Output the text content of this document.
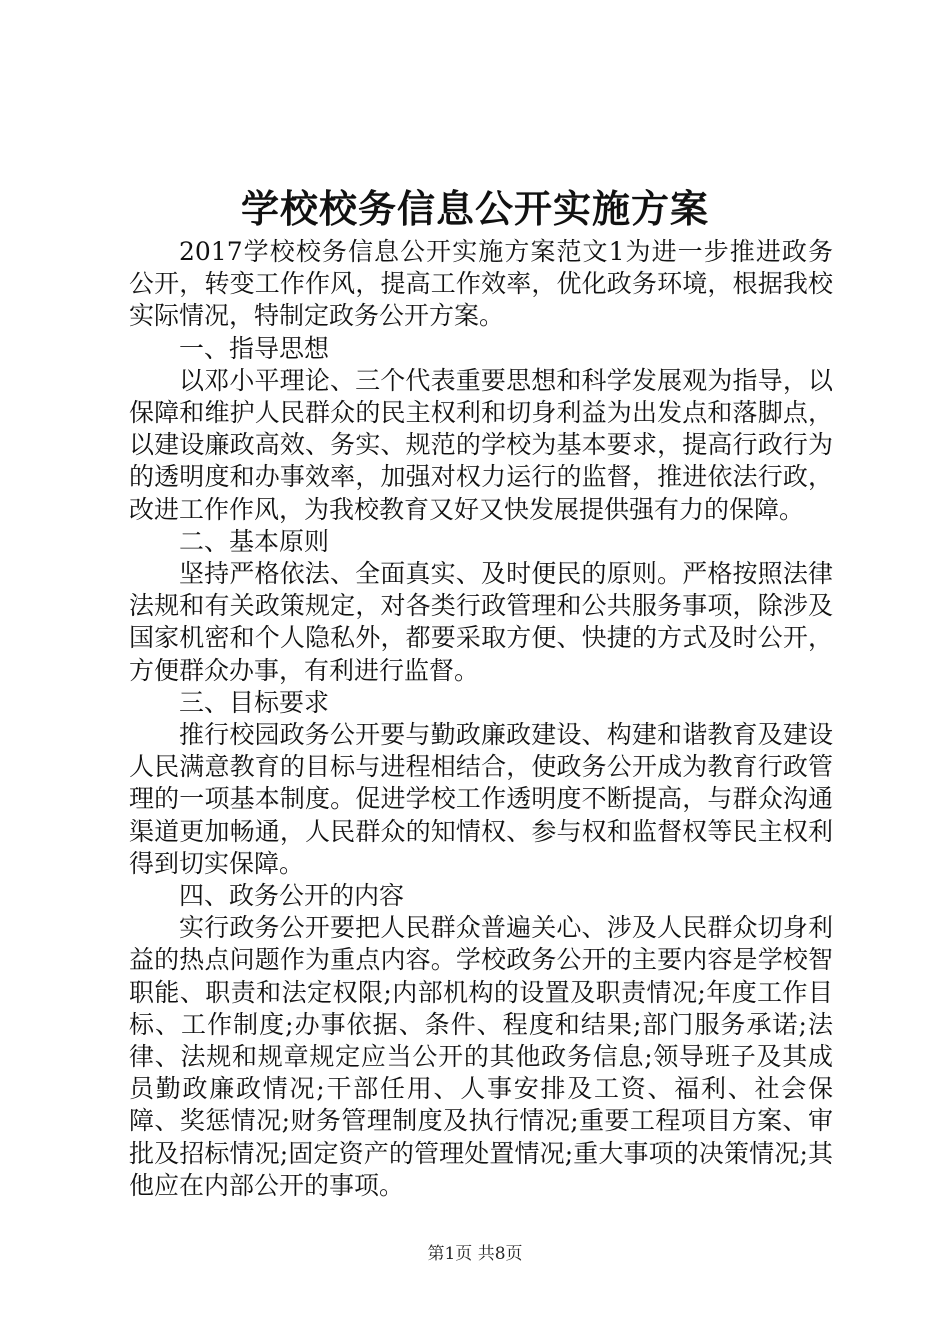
学校校务信息公开实施方案

2017学校校务信息公开实施方案范文1为进一步推进政务公开，转变工作作风，提高工作效率，优化政务环境，根据我校实际情况，特制定政务公开方案。

一、指导思想

以邓小平理论、三个代表重要思想和科学发展观为指导，以保障和维护人民群众的民主权利和切身利益为出发点和落脚点，以建设廉政高效、务实、规范的学校为基本要求，提高行政行为的透明度和办事效率，加强对权力运行的监督，推进依法行政，改进工作作风，为我校教育又好又快发展提供强有力的保障。

二、基本原则

坚持严格依法、全面真实、及时便民的原则。严格按照法律法规和有关政策规定，对各类行政管理和公共服务事项，除涉及国家机密和个人隐私外，都要采取方便、快捷的方式及时公开，方便群众办事，有利进行监督。

三、目标要求

推行校园政务公开要与勤政廉政建设、构建和谐教育及建设人民满意教育的目标与进程相结合，使政务公开成为教育行政管理的一项基本制度。促进学校工作透明度不断提高，与群众沟通渠道更加畅通，人民群众的知情权、参与权和监督权等民主权利得到切实保障。

四、政务公开的内容

实行政务公开要把人民群众普遍关心、涉及人民群众切身利益的热点问题作为重点内容。学校政务公开的主要内容是学校智职能、职责和法定权限;内部机构的设置及职责情况;年度工作目标、工作制度;办事依据、条件、程度和结果;部门服务承诺;法律、法规和规章规定应当公开的其他政务信息;领导班子及其成员勤政廉政情况;干部任用、人事安排及工资、福利、社会保障、奖惩情况;财务管理制度及执行情况;重要工程项目方案、审批及招标情况;固定资产的管理处置情况;重大事项的决策情况;其他应在内部公开的事项。

第1页 共8页
